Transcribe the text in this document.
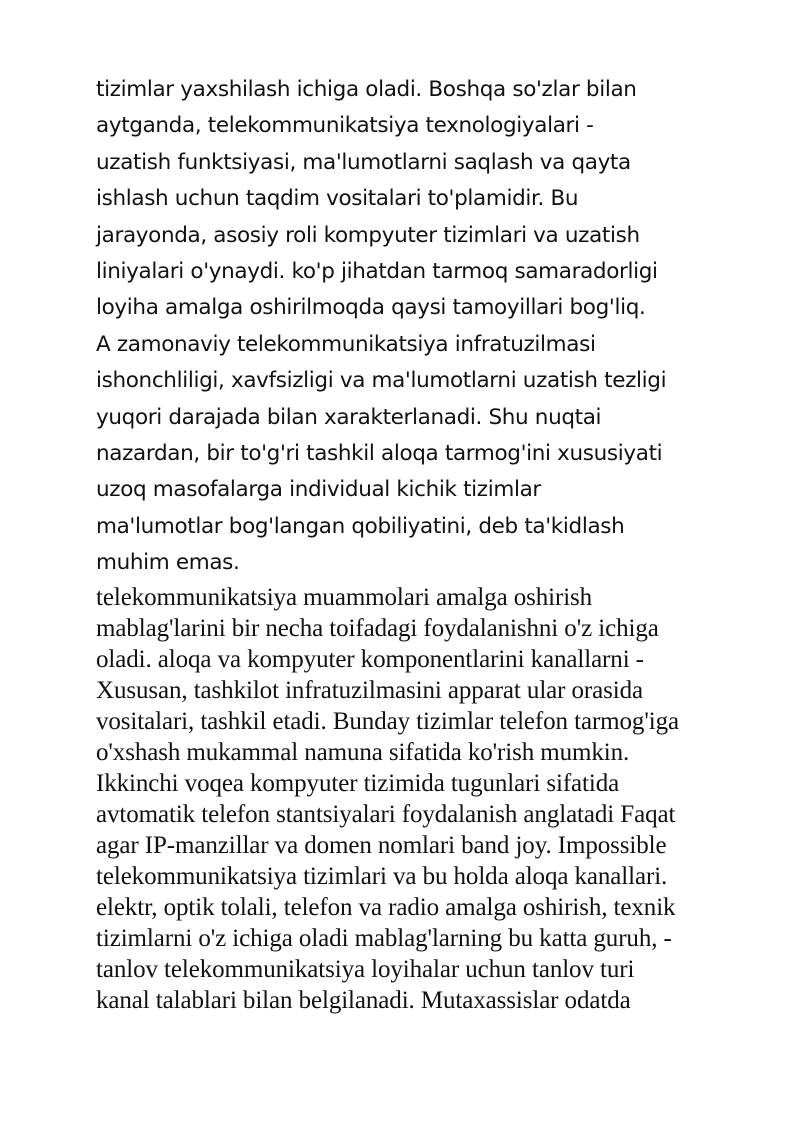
tizimlar yaxshilash ichiga oladi. Boshqa so'zlar bilan
aytganda, telekommunikatsiya texnologiyalari -
uzatish funktsiyasi, ma'lumotlarni saqlash va qayta
ishlash uchun taqdim vositalari to'plamidir. Bu
jarayonda, asosiy roli kompyuter tizimlari va uzatish
liniyalari o'ynaydi. ko'p jihatdan tarmoq samaradorligi
loyiha amalga oshirilmoqda qaysi tamoyillari bog'liq.
A zamonaviy telekommunikatsiya infratuzilmasi
ishonchliligi, xavfsizligi va ma'lumotlarni uzatish tezligi
yuqori darajada bilan xarakterlanadi. Shu nuqtai
nazardan, bir to'g'ri tashkil aloqa tarmog'ini xususiyati
uzoq masofalarga individual kichik tizimlar
ma'lumotlar bog'langan qobiliyatini, deb ta'kidlash
muhim emas.

telekommunikatsiya muammolari amalga oshirish
mablag'larini bir necha toifadagi foydalanishni o'z ichiga
oladi. aloqa va kompyuter komponentlarini kanallarni -
Xususan, tashkilot infratuzilmasini apparat ular orasida
vositalari, tashkil etadi. Bunday tizimlar telefon tarmog'iga
o'xshash mukammal namuna sifatida ko'rish mumkin.
Ikkinchi voqea kompyuter tizimida tugunlari sifatida
avtomatik telefon stantsiyalari foydalanish anglatadi Faqat
agar IP-manzillar va domen nomlari band joy. Impossible
telekommunikatsiya tizimlari va bu holda aloqa kanallari.
elektr, optik tolali, telefon va radio amalga oshirish, texnik
tizimlarni o'z ichiga oladi mablag'larning bu katta guruh, -
tanlov telekommunikatsiya loyihalar uchun tanlov turi
kanal talablari bilan belgilanadi. Mutaxassislar odatda
